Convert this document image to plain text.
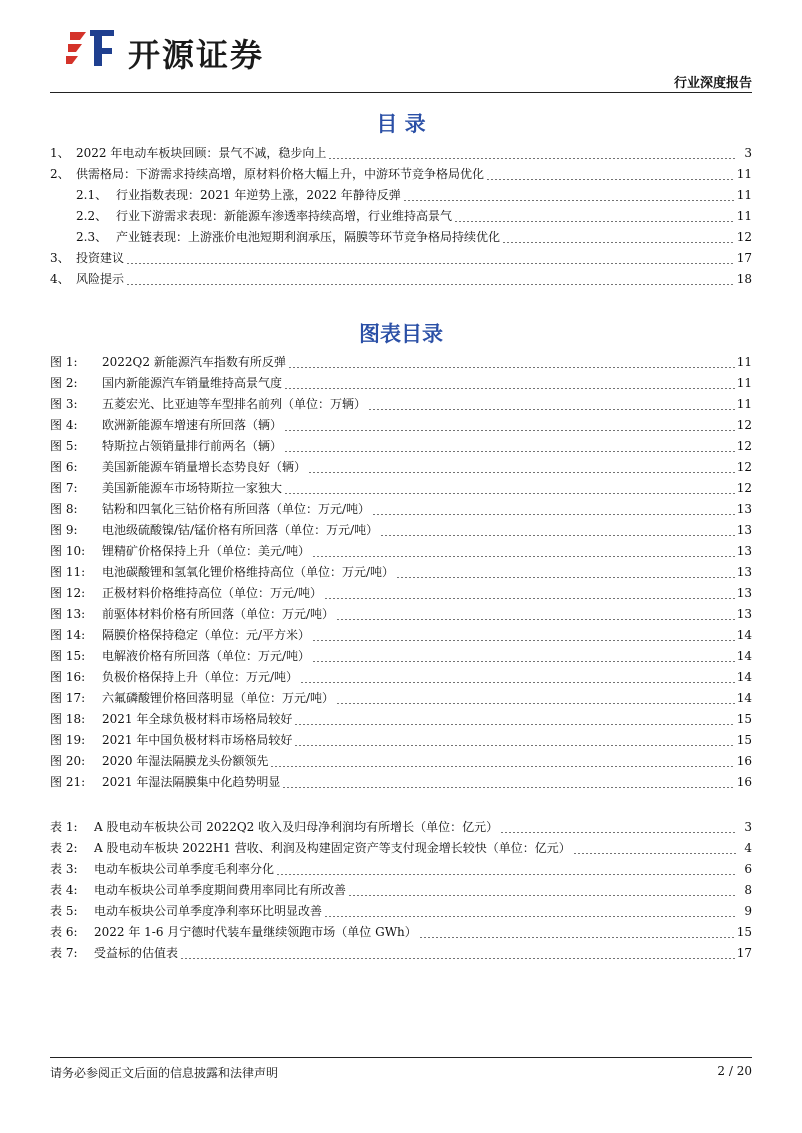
开源证券
行业深度报告
目 录
1、 2022 年电动车板块回顾：景气不减，稳步向上	3
2、 供需格局：下游需求持续高增，原材料价格大幅上升，中游环节竞争格局优化	11
2.1、 行业指数表现：2021 年逆势上涨，2022 年静待反弹	11
2.2、 行业下游需求表现：新能源车渗透率持续高增，行业维持高景气	11
2.3、 产业链表现：上游涨价电池短期利润承压，隔膜等环节竞争格局持续优化	12
3、 投资建议	17
4、 风险提示	18
图表目录
图 1:	2022Q2 新能源汽车指数有所反弹	11
图 2:	国内新能源汽车销量维持高景气度	11
图 3:	五菱宏光、比亚迪等车型排名前列（单位：万辆）	11
图 4:	欧洲新能源车增速有所回落（辆）	12
图 5:	特斯拉占领销量排行前两名（辆）	12
图 6:	美国新能源车销量增长态势良好（辆）	12
图 7:	美国新能源车市场特斯拉一家独大	12
图 8:	钴粉和四氧化三钴价格有所回落（单位：万元/吨）	13
图 9:	电池级硫酸镍/钴/锰价格有所回落（单位：万元/吨）	13
图 10:	锂精矿价格保持上升（单位：美元/吨）	13
图 11:	电池碳酸锂和氢氧化锂价格维持高位（单位：万元/吨）	13
图 12:	正极材料价格维持高位（单位：万元/吨）	13
图 13:	前驱体材料价格有所回落（单位：万元/吨）	13
图 14:	隔膜价格保持稳定（单位：元/平方米）	14
图 15:	电解液价格有所回落（单位：万元/吨）	14
图 16:	负极价格保持上升（单位：万元/吨）	14
图 17:	六氟磷酸锂价格回落明显（单位：万元/吨）	14
图 18:	2021 年全球负极材料市场格局较好	15
图 19:	2021 年中国负极材料市场格局较好	15
图 20:	2020 年湿法隔膜龙头份额领先	16
图 21:	2021 年湿法隔膜集中化趋势明显	16
表 1:	A 股电动车板块公司 2022Q2 收入及归母净利润均有所增长（单位：亿元）	3
表 2:	A 股电动车板块 2022H1 营收、利润及构建固定资产等支付现金增长较快（单位：亿元）	4
表 3:	电动车板块公司单季度毛利率分化	6
表 4:	电动车板块公司单季度期间费用率同比有所改善	8
表 5:	电动车板块公司单季度净利率环比明显改善	9
表 6:	2022 年 1-6 月宁德时代装车量继续领跑市场（单位 GWh）	15
表 7:	受益标的估值表	17
请务必参阅正文后面的信息披露和法律声明	2 / 20
